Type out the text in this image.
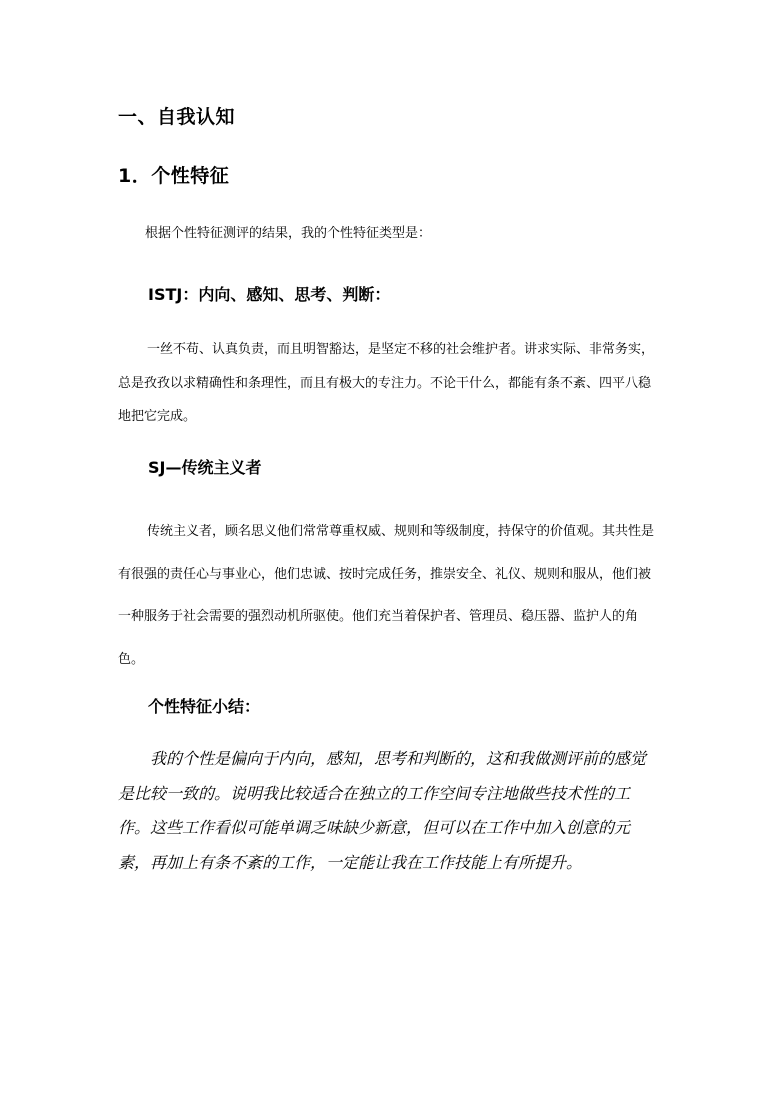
一、自我认知
1．个性特征
根据个性特征测评的结果，我的个性特征类型是：
ISTJ：内向、感知、思考、判断：
一丝不苟、认真负责，而且明智豁达，是坚定不移的社会维护者。讲求实际、非常务实，总是孜孜以求精确性和条理性，而且有极大的专注力。不论干什么，都能有条不紊、四平八稳地把它完成。
SJ—传统主义者
传统主义者，顾名思义他们常常尊重权威、规则和等级制度，持保守的价值观。其共性是有很强的责任心与事业心，他们忠诚、按时完成任务，推崇安全、礼仪、规则和服从，他们被一种服务于社会需要的强烈动机所驱使。他们充当着保护者、管理员、稳压器、监护人的角色。
个性特征小结：
我的个性是偏向于内向，感知，思考和判断的，这和我做测评前的感觉是比较一致的。说明我比较适合在独立的工作空间专注地做些技术性的工作。这些工作看似可能单调乏味缺少新意，但可以在工作中加入创意的元素，再加上有条不紊的工作，一定能让我在工作技能上有所提升。
